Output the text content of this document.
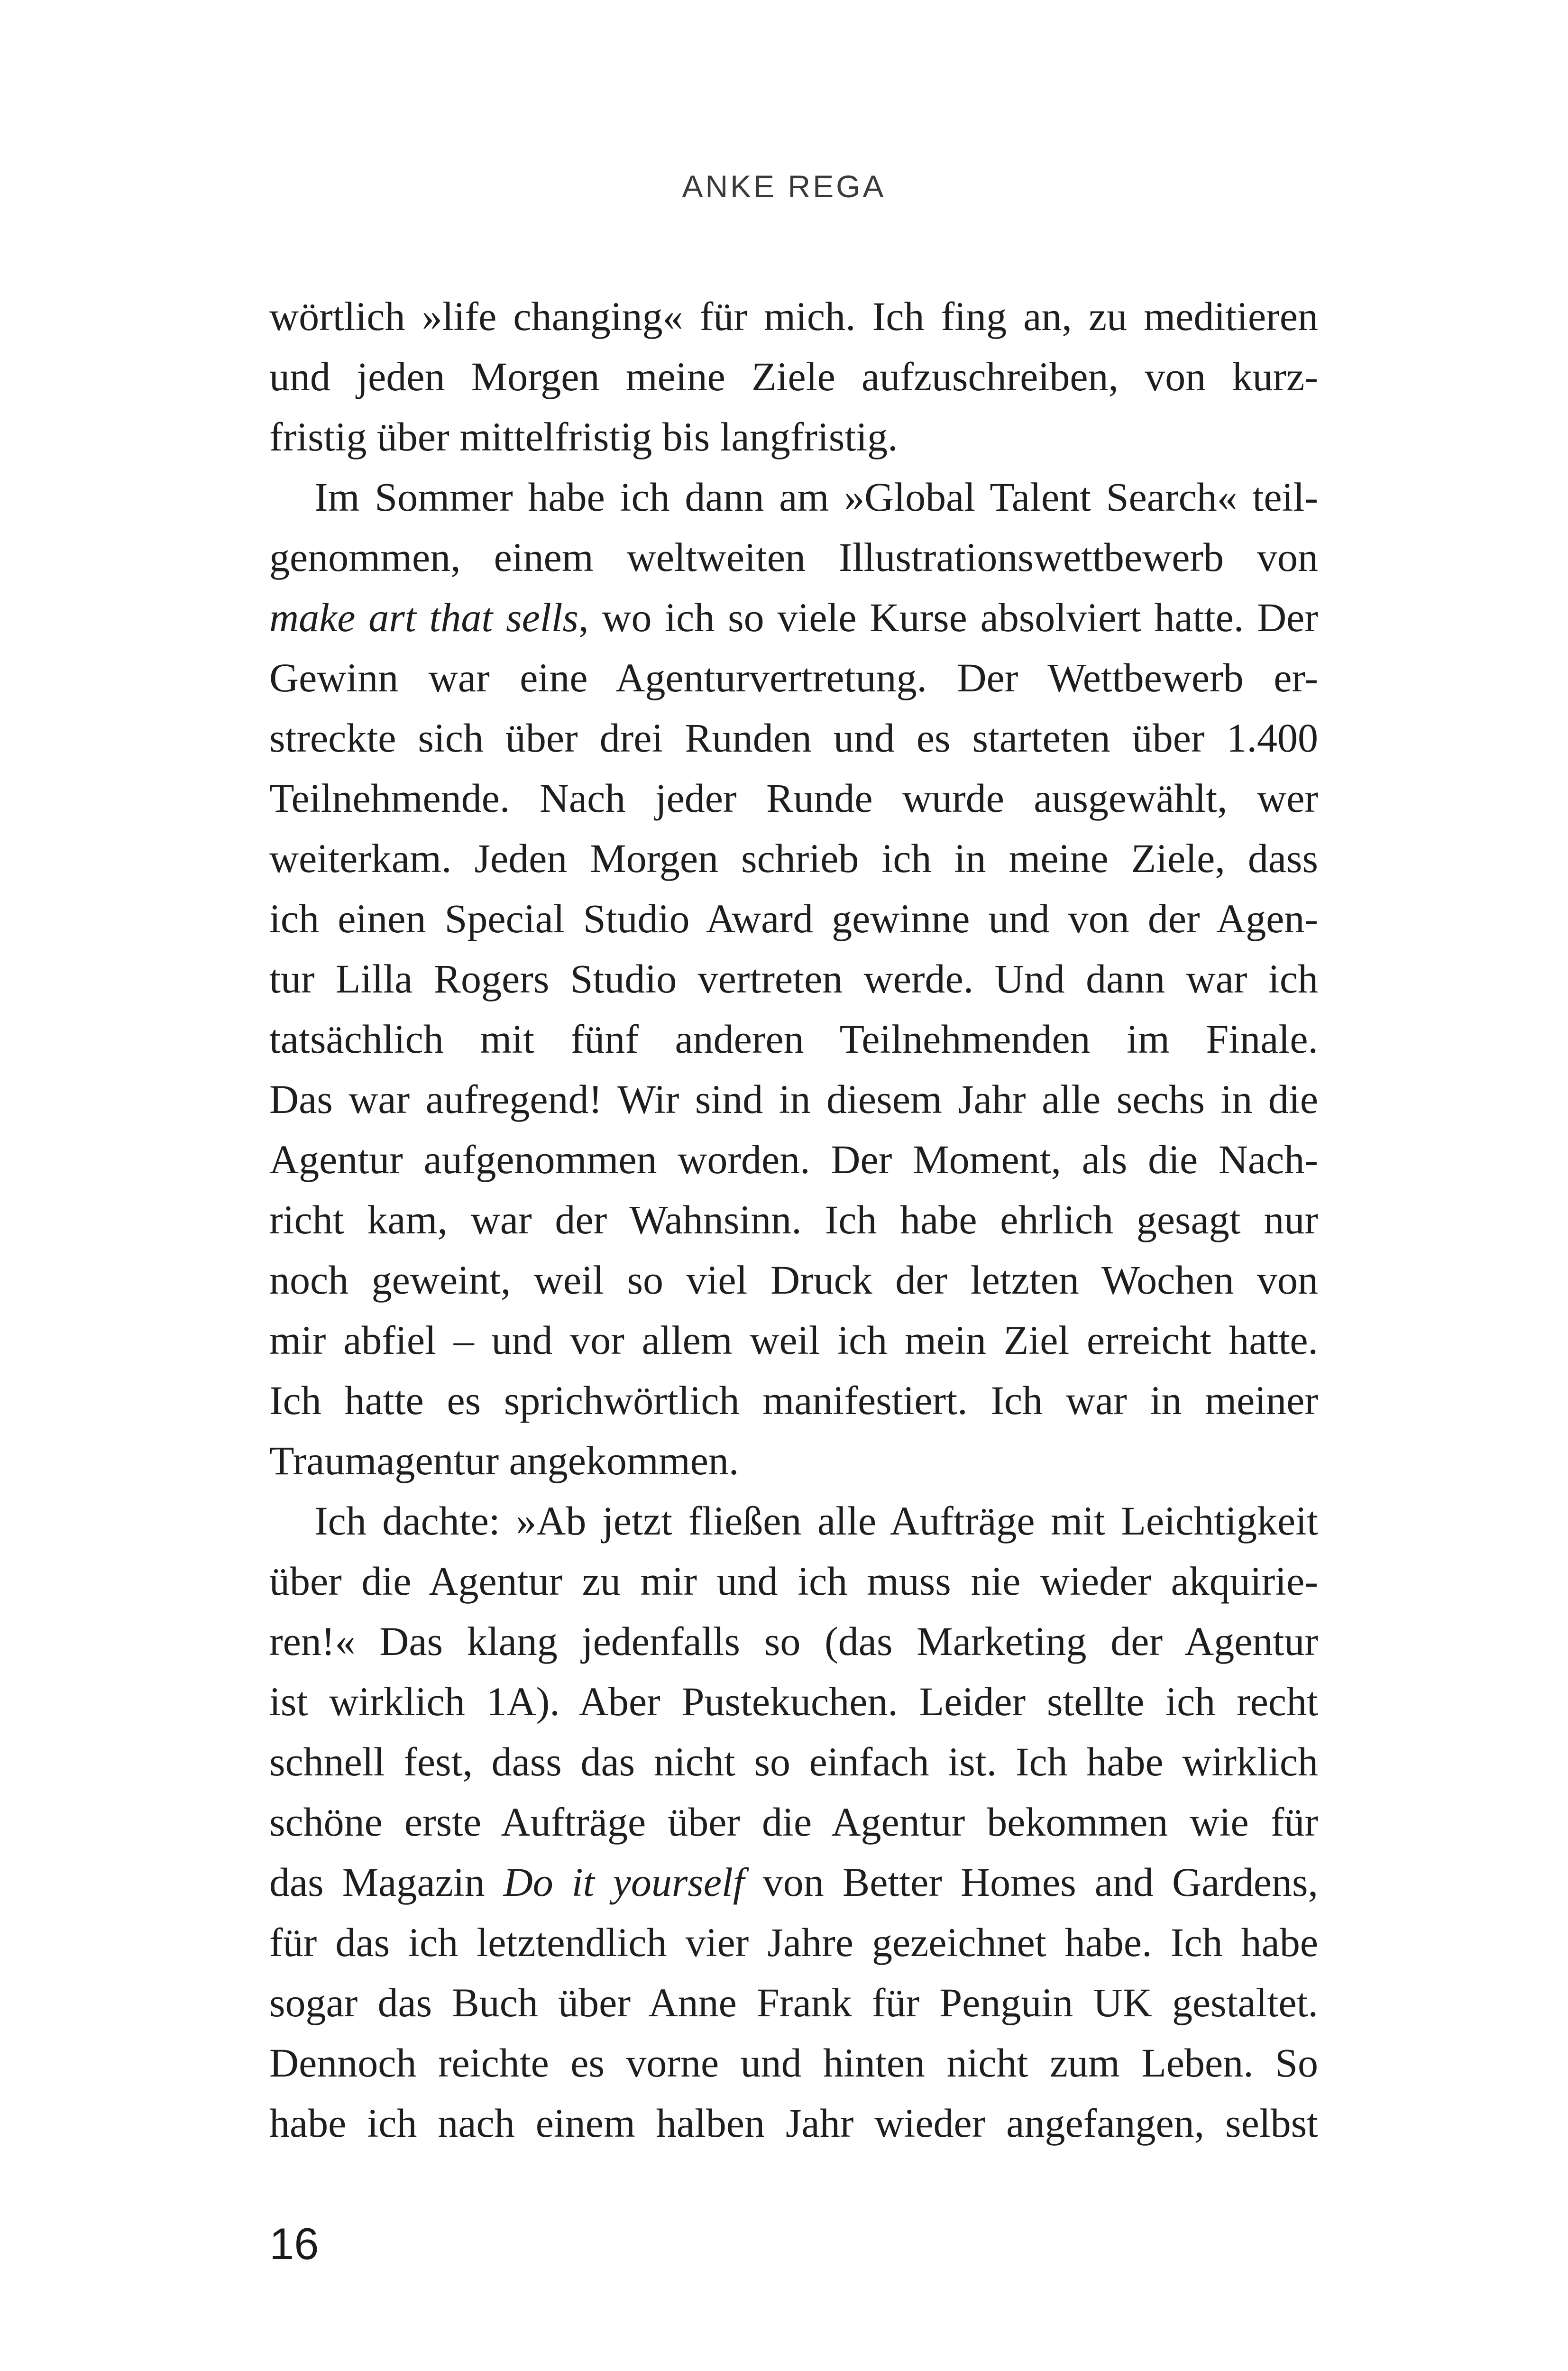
ANKE REGA
wörtlich »life changing« für mich. Ich fing an, zu meditieren
und jeden Morgen meine Ziele aufzuschreiben, von kurz-
fristig über mittelfristig bis langfristig.
Im Sommer habe ich dann am »Global Talent Search« teil-
genommen, einem weltweiten Illustrationswettbewerb von
make art that sells, wo ich so viele Kurse absolviert hatte. Der
Gewinn war eine Agenturvertretung. Der Wettbewerb er-
streckte sich über drei Runden und es starteten über 1.400
Teilnehmende. Nach jeder Runde wurde ausgewählt, wer
weiterkam. Jeden Morgen schrieb ich in meine Ziele, dass
ich einen Special Studio Award gewinne und von der Agen-
tur Lilla Rogers Studio vertreten werde. Und dann war ich
tatsächlich mit fünf anderen Teilnehmenden im Finale.
Das war aufregend! Wir sind in diesem Jahr alle sechs in die
Agentur aufgenommen worden. Der Moment, als die Nach-
richt kam, war der Wahnsinn. Ich habe ehrlich gesagt nur
noch geweint, weil so viel Druck der letzten Wochen von
mir abfiel – und vor allem weil ich mein Ziel erreicht hatte.
Ich hatte es sprichwörtlich manifestiert. Ich war in meiner
Traumagentur angekommen.
Ich dachte: »Ab jetzt fließen alle Aufträge mit Leichtigkeit
über die Agentur zu mir und ich muss nie wieder akquirie-
ren!« Das klang jedenfalls so (das Marketing der Agentur
ist wirklich 1A). Aber Pustekuchen. Leider stellte ich recht
schnell fest, dass das nicht so einfach ist. Ich habe wirklich
schöne erste Aufträge über die Agentur bekommen wie für
das Magazin Do it yourself von Better Homes and Gardens,
für das ich letztendlich vier Jahre gezeichnet habe. Ich habe
sogar das Buch über Anne Frank für Penguin UK gestaltet.
Dennoch reichte es vorne und hinten nicht zum Leben. So
habe ich nach einem halben Jahr wieder angefangen, selbst
16
